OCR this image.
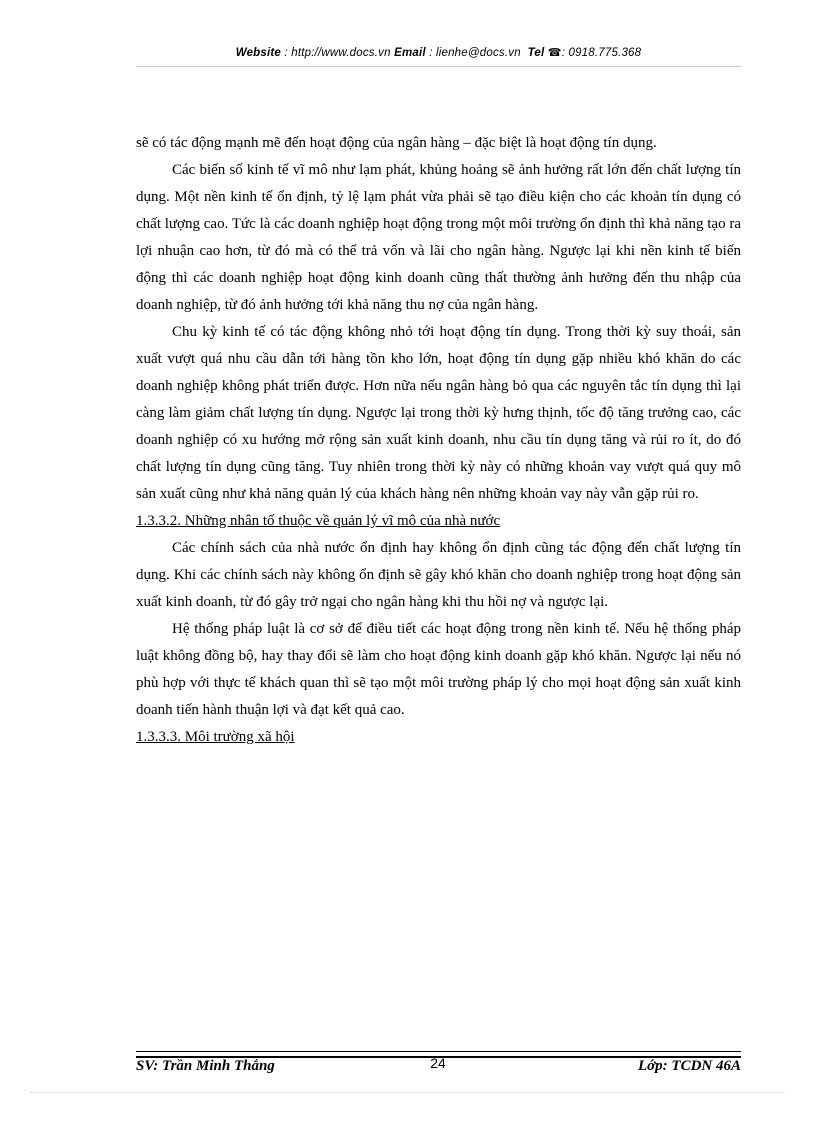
Website : http://www.docs.vn Email : lienhe@docs.vn Tel ☎: 0918.775.368

sẽ có tác động mạnh mẽ đến hoạt động của ngân hàng – đặc biệt là hoạt động tín dụng.

Các biến số kinh tế vĩ mô như lạm phát, khủng hoảng sẽ ảnh hưởng rất lớn đến chất lượng tín dụng. Một nền kinh tế ổn định, tỷ lệ lạm phát vừa phải sẽ tạo điều kiện cho các khoản tín dụng có chất lượng cao. Tức là các doanh nghiệp hoạt động trong một môi trường ổn định thì khả năng tạo ra lợi nhuận cao hơn, từ đó mà có thể trả vốn và lãi cho ngân hàng. Ngược lại khi nền kinh tế biến động thì các doanh nghiệp hoạt động kinh doanh cũng thất thường ảnh hưởng đến thu nhập của doanh nghiệp, từ đó ảnh hưởng tới khả năng thu nợ của ngân hàng.

Chu kỳ kinh tế có tác động không nhỏ tới hoạt động tín dụng. Trong thời kỳ suy thoái, sản xuất vượt quá nhu cầu dẫn tới hàng tồn kho lớn, hoạt động tín dụng gặp nhiều khó khăn do các doanh nghiệp không phát triển được. Hơn nữa nếu ngân hàng bỏ qua các nguyên tắc tín dụng thì lại càng làm giảm chất lượng tín dụng. Ngược lại trong thời kỳ hưng thịnh, tốc độ tăng trưởng cao, các doanh nghiệp có xu hướng mở rộng sản xuất kinh doanh, nhu cầu tín dụng tăng và rủi ro ít, do đó chất lượng tín dụng cũng tăng. Tuy nhiên trong thời kỳ này có những khoản vay vượt quá quy mô sản xuất cũng như khả năng quản lý của khách hàng nên những khoản vay này vẫn gặp rủi ro.

1.3.3.2. Những nhân tố thuộc về quản lý vĩ mô của nhà nước

Các chính sách của nhà nước ổn định hay không ổn định cũng tác động đến chất lượng tín dụng. Khi các chính sách này không ổn định sẽ gây khó khăn cho doanh nghiệp trong hoạt động sản xuất kinh doanh, từ đó gây trở ngại cho ngân hàng khi thu hồi nợ và ngược lại.

Hệ thống pháp luật là cơ sở để điều tiết các hoạt động trong nền kinh tế. Nếu hệ thống pháp luật không đồng bộ, hay thay đổi sẽ làm cho hoạt động kinh doanh gặp khó khăn. Ngược lại nếu nó phù hợp với thực tế khách quan thì sẽ tạo một môi trường pháp lý cho mọi hoạt động sản xuất kinh doanh tiến hành thuận lợi và đạt kết quả cao.

1.3.3.3. Môi trường xã hội

SV: Trần Minh Thắng	24	Lớp: TCDN 46A
